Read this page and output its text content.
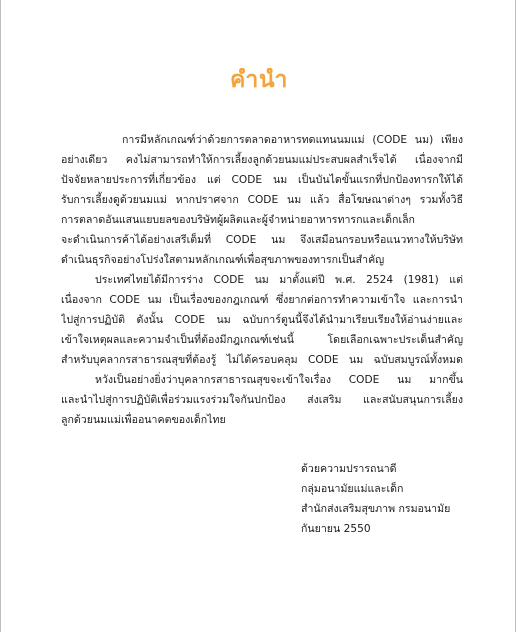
คำนำ
การมีหลักเกณฑ์ว่าด้วยการตลาดอาหารทดแทนนมแม่ (CODE นม) เพียง
อย่างเดียว คงไม่สามารถทำให้การเลี้ยงลูกด้วยนมแม่ประสบผลสำเร็จได้ เนื่องจากมี
ปัจจัยหลายประการที่เกี่ยวข้อง แต่ CODE นม เป็นบันไดขั้นแรกที่ปกป้องทารกให้ได้
รับการเลี้ยงดูด้วยนมแม่ หากปราศจาก CODE นม แล้ว สื่อโฆษณาต่างๆ รวมทั้งวิธี
การตลาดอันแสนแยบยลของบริษัทผู้ผลิตและผู้จำหน่ายอาหารทารกและเด็กเล็ก
จะดำเนินการค้าได้อย่างเสรีเต็มที่ CODE นม จึงเสมือนกรอบหรือแนวทางให้บริษัท
ดำเนินธุรกิจอย่างโปร่งใสตามหลักเกณฑ์เพื่อสุขภาพของทารกเป็นสำคัญ
ประเทศไทยได้มีการร่าง CODE นม มาตั้งแต่ปี พ.ศ. 2524 (1981) แต่
เนื่องจาก CODE นม เป็นเรื่องของกฎเกณฑ์ ซึ่งยากต่อการทำความเข้าใจ และการนำ
ไปสู่การปฏิบัติ ดังนั้น CODE นม ฉบับการ์ตูนนี้จึงได้นำมาเรียบเรียงให้อ่านง่ายและ
เข้าใจเหตุผลและความจำเป็นที่ต้องมีกฎเกณฑ์เช่นนี้ โดยเลือกเฉพาะประเด็นสำคัญ
สำหรับบุคลากรสาธารณสุขที่ต้องรู้ ไม่ได้ครอบคลุม CODE นม ฉบับสมบูรณ์ทั้งหมด
หวังเป็นอย่างยิ่งว่าบุคลากรสาธารณสุขจะเข้าใจเรื่อง CODE นม มากขึ้น
และนำไปสู่การปฏิบัติเพื่อร่วมแรงร่วมใจกันปกป้อง ส่งเสริม และสนับสนุนการเลี้ยง
ลูกด้วยนมแม่เพื่ออนาคตของเด็กไทย
ด้วยความปรารถนาดี
กลุ่มอนามัยแม่และเด็ก
สำนักส่งเสริมสุขภาพ กรมอนามัย
กันยายน 2550
